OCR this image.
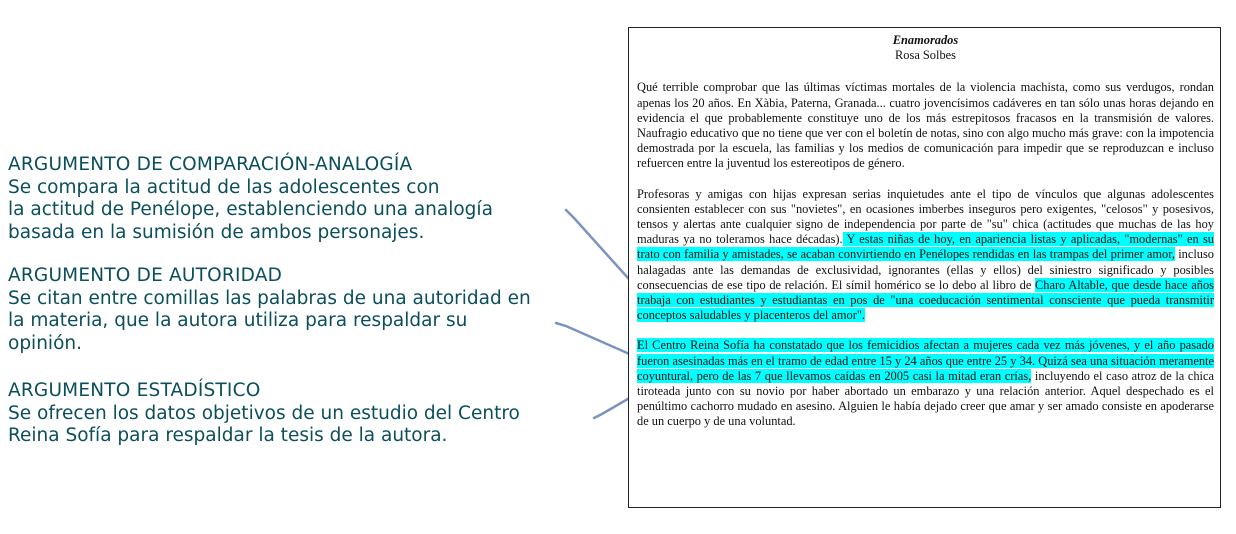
ARGUMENTO DE COMPARACIÓN-ANALOGÍA
Se compara la actitud de las adolescentes con
la actitud de Penélope, establenciendo una analogía
basada en la sumisión de ambos personajes.
ARGUMENTO DE AUTORIDAD
Se citan entre comillas las palabras de una autoridad en
la materia, que la autora utiliza para respaldar su
opinión.
ARGUMENTO ESTADÍSTICO
Se ofrecen los datos objetivos de un estudio del Centro
Reina Sofía para respaldar la tesis de la autora.
Enamorados
Rosa Solbes

Qué terrible comprobar que las últimas víctimas mortales de la violencia machista, como sus verdugos, rondan apenas los 20 años. En Xàbia, Paterna, Granada... cuatro jovencísimos cadáveres en tan sólo unas horas dejando en evidencia el que probablemente constituye uno de los más estrepitosos fracasos en la transmisión de valores. Naufragio educativo que no tiene que ver con el boletín de notas, sino con algo mucho más grave: con la impotencia demostrada por la escuela, las familias y los medios de comunicación para impedir que se reproduzcan e incluso refuercen entre la juventud los estereotipos de género.

Profesoras y amigas con hijas expresan serias inquietudes ante el tipo de vínculos que algunas adolescentes consienten establecer con sus "novietes", en ocasiones imberbes inseguros pero exigentes, "celosos" y posesivos, tensos y alertas ante cualquier signo de independencia por parte de "su" chica (actitudes que muchas de las hoy maduras ya no toleramos hace décadas). Y estas niñas de hoy, en apariencia listas y aplicadas, "modernas" en su trato con familia y amistades, se acaban convirtiendo en Penélopes rendidas en las trampas del primer amor, incluso halagadas ante las demandas de exclusividad, ignorantes (ellas y ellos) del siniestro significado y posibles consecuencias de ese tipo de relación. El símil homérico se lo debo al libro de Charo Altable, que desde hace años trabaja con estudiantes y estudiantas en pos de "una coeducación sentimental consciente que pueda transmitir conceptos saludables y placenteros del amor".

El Centro Reina Sofía ha constatado que los femicidios afectan a mujeres cada vez más jóvenes, y el año pasado fueron asesinadas más en el tramo de edad entre 15 y 24 años que entre 25 y 34. Quizá sea una situación meramente coyuntural, pero de las 7 que llevamos caídas en 2005 casi la mitad eran crías, incluyendo el caso atroz de la chica tiroteada junto con su novio por haber abortado un embarazo y una relación anterior. Aquel despechado es el penúltimo cachorro mudado en asesino. Alguien le había dejado creer que amar y ser amado consiste en apoderarse de un cuerpo y de una voluntad.
